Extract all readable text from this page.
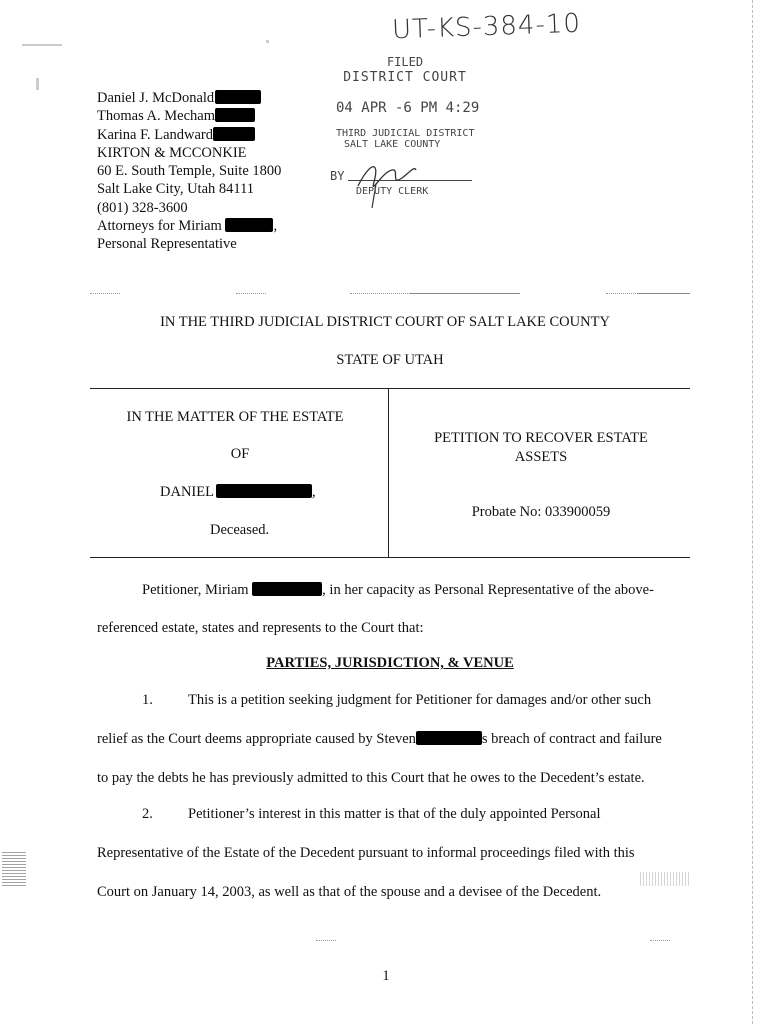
UT-KS-384-10
FILED
DISTRICT COURT
04 APR -6 PM 4:29
THIRD JUDICIAL DISTRICT
SALT LAKE COUNTY
BY
DEPUTY CLERK
Daniel J. McDonald
Thomas A. Mecham
Karina F. Landward
KIRTON & MCCONKIE
60 E. South Temple, Suite 1800
Salt Lake City, Utah 84111
(801) 328-3600
Attorneys for Miriam	,
Personal Representative
IN THE THIRD JUDICIAL DISTRICT COURT OF SALT LAKE COUNTY
STATE OF UTAH
IN THE MATTER OF THE ESTATE
OF
DANIEL	,
Deceased.
PETITION TO RECOVER ESTATE
ASSETS
Probate No: 033900059
Petitioner, Miriam	, in her capacity as Personal Representative of the above-
referenced estate, states and represents to the Court that:
PARTIES, JURISDICTION, & VENUE
1. This is a petition seeking judgment for Petitioner for damages and/or other such
relief as the Court deems appropriate caused by Steven	s breach of contract and failure
to pay the debts he has previously admitted to this Court that he owes to the Decedent’s estate.
2. Petitioner’s interest in this matter is that of the duly appointed Personal
Representative of the Estate of the Decedent pursuant to informal proceedings filed with this
Court on January 14, 2003, as well as that of the spouse and a devisee of the Decedent.
1
